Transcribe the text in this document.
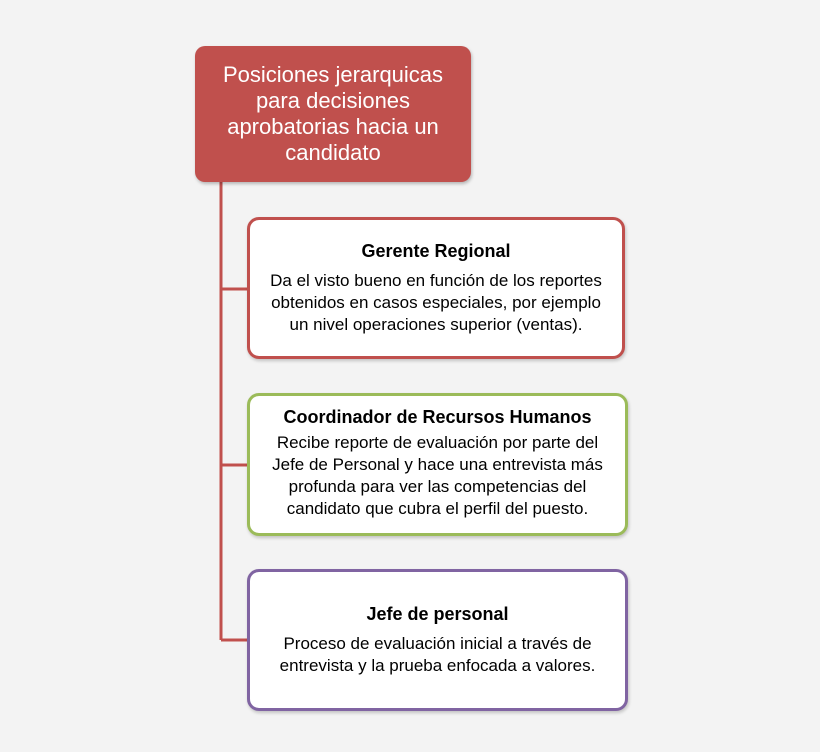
Posiciones jerarquicas para decisiones aprobatorias hacia un candidato
Gerente Regional
Da el visto bueno en función de los reportes obtenidos en casos especiales, por ejemplo un nivel operaciones superior (ventas).
Coordinador de Recursos Humanos
Recibe reporte de evaluación por parte del Jefe de Personal y hace una entrevista más profunda para ver las competencias del candidato que cubra el perfil del puesto.
Jefe de personal
Proceso de evaluación inicial a través de entrevista y la prueba enfocada a valores.
